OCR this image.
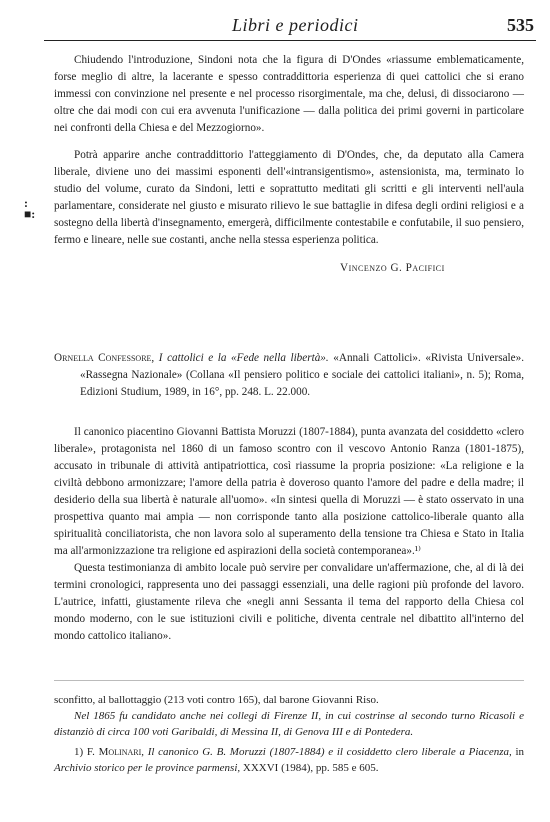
Libri e periodici	535

Chiudendo l'introduzione, Sindoni nota che la figura di D'Ondes «riassume emblematicamente, forse meglio di altre, la lacerante e spesso contraddittoria esperienza di quei cattolici che si erano immessi con convinzione nel presente e nel processo risorgimentale, ma che, delusi, di dissociarono — oltre che dai modi con cui era avvenuta l'unificazione — dalla politica dei primi governi in particolare nei confronti della Chiesa e del Mezzogiorno».

Potrà apparire anche contraddittorio l'atteggiamento di D'Ondes, che, da deputato alla Camera liberale, diviene uno dei massimi esponenti dell'«intransigentismo», astensionista, ma, terminato lo studio del volume, curato da Sindoni, letti e soprattutto meditati gli scritti e gli interventi nell'aula parlamentare, considerate nel giusto e misurato rilievo le sue battaglie in difesa degli ordini religiosi e a sostegno della libertà d'insegnamento, emergerà, difficilmente contestabile e confutabile, il suo pensiero, fermo e lineare, nelle sue costanti, anche nella stessa esperienza politica.

:
■:
Vincenzo G. Pacifici

Ornella Confessore, I cattolici e la «Fede nella libertà». «Annali Cattolici». «Rivista Universale». «Rassegna Nazionale» (Collana «Il pensiero politico e sociale dei cattolici italiani», n. 5); Roma, Edizioni Studium, 1989, in 16°, pp. 248. L. 22.000.

Il canonico piacentino Giovanni Battista Moruzzi (1807-1884), punta avanzata del cosiddetto «clero liberale», protagonista nel 1860 di un famoso scontro con il vescovo Antonio Ranza (1801-1875), accusato in tribunale di attività antipatriottica, così riassume la propria posizione: «La religione e la civiltà debbono armonizzare; l'amore della patria è doveroso quanto l'amore del padre e della madre; il desiderio della sua libertà è naturale all'uomo». «In sintesi quella di Moruzzi — è stato osservato in una prospettiva quanto mai ampia — non corrisponde tanto alla posizione cattolico-liberale quanto alla spiritualità conciliatorista, che non lavora solo al superamento della tensione tra Chiesa e Stato in Italia ma all'armonizzazione tra religione ed aspirazioni della società contemporanea».¹⁾

Questa testimonianza di ambito locale può servire per convalidare un'affermazione, che, al di là dei termini cronologici, rappresenta uno dei passaggi essenziali, una delle ragioni più profonde del lavoro. L'autrice, infatti, giustamente rileva che «negli anni Sessanta il tema del rapporto della Chiesa col mondo moderno, con le sue istituzioni civili e politiche, diventa centrale nel dibattito all'interno del mondo cattolico italiano».

sconfitto, al ballottaggio (213 voti contro 165), dal barone Giovanni Riso.

Nel 1865 fu candidato anche nei collegi di Firenze II, in cui costrinse al secondo turno Ricasoli e distanziò di circa 100 voti Garibaldi, di Messina II, di Genova III e di Pontedera.

1) F. Molinari, Il canonico G. B. Moruzzi (1807-1884) e il cosiddetto clero liberale a Piacenza, in Archivio storico per le province parmensi, XXXVI (1984), pp. 585 e 605.
